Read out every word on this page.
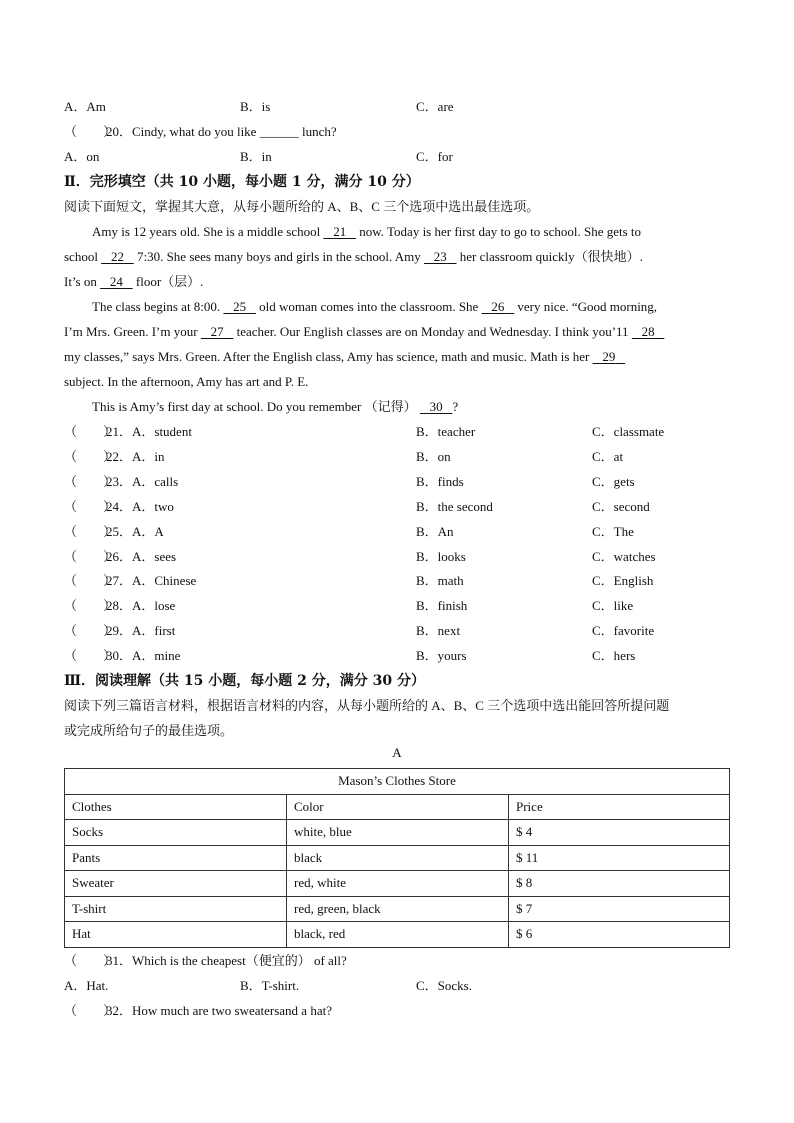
A．Am	B．is	C．are
（　　）
20．Cindy, what do you like ______ lunch?
A．on	B．in	C．for
Ⅱ．完形填空（共 10 小题，每小题 1 分，满分 10 分）
阅读下面短文，掌握其大意，从每小题所给的 A、B、C 三个选项中选出最佳选项。
Amy is 12 years old. She is a middle school    21    now. Today is her first day to go to school. She gets to
school    22    7:30. She sees many boys and girls in the school. Amy    23    her classroom quickly（很快地）.
It’s on    24    floor（层）.
The class begins at 8:00.    25    old woman comes into the classroom. She    26    very nice. “Good morning,
I’m Mrs. Green. I’m your    27    teacher. Our English classes are on Monday and Wednesday. I think you’11    28
my classes,” says Mrs. Green. After the English class, Amy has science, math and music. Math is her    29
subject. In the afternoon, Amy has art and P. E.
This is Amy’s first day at school. Do you remember （记得）    30 ?
（　　）
21．A．student	B．teacher	C．classmate
（　　）
22．A．in	B．on	C．at
（　　）
23．A．calls	B．finds	C．gets
（　　）
24．A．two	B．the second	C．second
（　　）
25．A．A	B．An	C．The
（　　）
26．A．sees	B．looks	C．watches
（　　）
27．A．Chinese	B．math	C．English
（　　）
28．A．lose	B．finish	C．like
（　　）
29．A．first	B．next	C．favorite
（　　）
30．A．mine	B．yours	C．hers
Ⅲ．阅读理解（共 15 小题，每小题 2 分，满分 30 分）
阅读下列三篇语言材料，根据语言材料的内容，从每小题所给的 A、B、C 三个选项中选出能回答所提问题
或完成所给句子的最佳选项。
A
Mason’s Clothes Store		
Clothes	Color	Price
Socks	white, blue	$ 4
Pants	black	$ 11
Sweater	red, white	$ 8
T-shirt	red, green, black	$ 7
Hat	black, red	$ 6
（　　）
31．Which is the cheapest（便宜的） of all?
A．Hat.	B．T-shirt.	C．Socks.
（　　）
32．How much are two sweatersand a hat?
